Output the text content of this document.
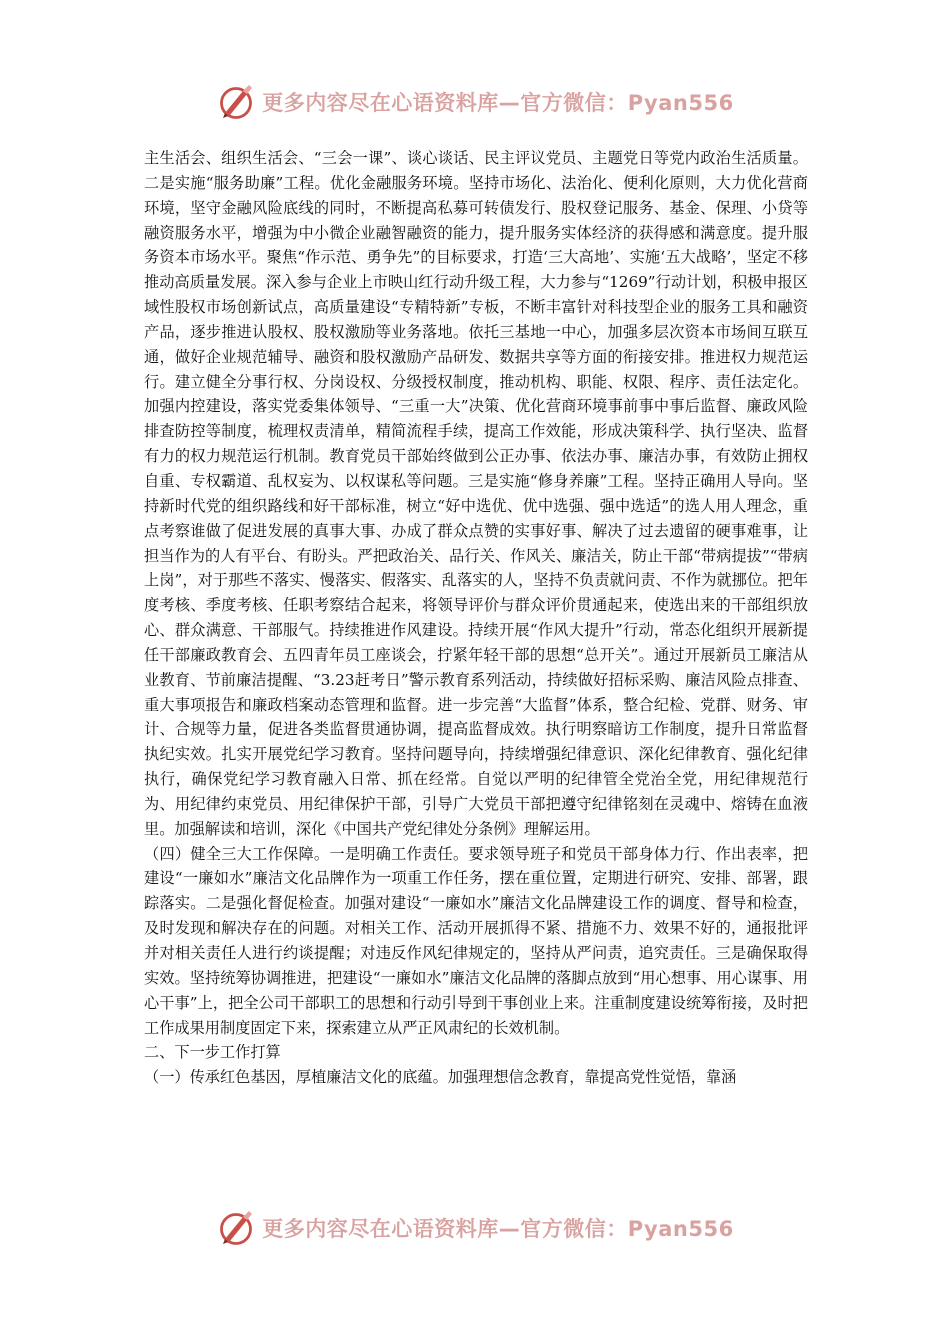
更多内容尽在心语资料库—官方微信：Pyan556

主生活会、组织生活会、“三会一课”、谈心谈话、民主评议党员、主题党日等党内政治生活质量。二是实施“服务助廉”工程。优化金融服务环境。坚持市场化、法治化、便利化原则，大力优化营商环境，坚守金融风险底线的同时，不断提高私募可转债发行、股权登记服务、基金、保理、小贷等融资服务水平，增强为中小微企业融智融资的能力，提升服务实体经济的获得感和满意度。提升服务资本市场水平。聚焦“作示范、勇争先”的目标要求，打造‘三大高地’、实施‘五大战略’，坚定不移推动高质量发展。深入参与企业上市映山红行动升级工程，大力参与“1269”行动计划，积极申报区域性股权市场创新试点，高质量建设“专精特新”专板，不断丰富针对科技型企业的服务工具和融资产品，逐步推进认股权、股权激励等业务落地。依托三基地一中心，加强多层次资本市场间互联互通，做好企业规范辅导、融资和股权激励产品研发、数据共享等方面的衔接安排。推进权力规范运行。建立健全分事行权、分岗设权、分级授权制度，推动机构、职能、权限、程序、责任法定化。加强内控建设，落实党委集体领导、“三重一大”决策、优化营商环境事前事中事后监督、廉政风险排查防控等制度，梳理权责清单，精简流程手续，提高工作效能，形成决策科学、执行坚决、监督有力的权力规范运行机制。教育党员干部始终做到公正办事、依法办事、廉洁办事，有效防止拥权自重、专权霸道、乱权妄为、以权谋私等问题。三是实施“修身养廉”工程。坚持正确用人导向。坚持新时代党的组织路线和好干部标准，树立“好中选优、优中选强、强中选适”的选人用人理念，重点考察谁做了促进发展的真事大事、办成了群众点赞的实事好事、解决了过去遗留的硬事难事，让担当作为的人有平台、有盼头。严把政治关、品行关、作风关、廉洁关，防止干部“带病提拔”“带病上岗”，对于那些不落实、慢落实、假落实、乱落实的人，坚持不负责就问责、不作为就挪位。把年度考核、季度考核、任职考察结合起来，将领导评价与群众评价贯通起来，使选出来的干部组织放心、群众满意、干部服气。持续推进作风建设。持续开展“作风大提升”行动，常态化组织开展新提任干部廉政教育会、五四青年员工座谈会，拧紧年轻干部的思想“总开关”。通过开展新员工廉洁从业教育、节前廉洁提醒、“3.23赶考日”警示教育系列活动，持续做好招标采购、廉洁风险点排查、重大事项报告和廉政档案动态管理和监督。进一步完善“大监督”体系，整合纪检、党群、财务、审计、合规等力量，促进各类监督贯通协调，提高监督成效。执行明察暗访工作制度，提升日常监督执纪实效。扎实开展党纪学习教育。坚持问题导向，持续增强纪律意识、深化纪律教育、强化纪律执行，确保党纪学习教育融入日常、抓在经常。自觉以严明的纪律管全党治全党，用纪律规范行为、用纪律约束党员、用纪律保护干部，引导广大党员干部把遵守纪律铭刻在灵魂中、熔铸在血液里。加强解读和培训，深化《中国共产党纪律处分条例》理解运用。

（四）健全三大工作保障。一是明确工作责任。要求领导班子和党员干部身体力行、作出表率，把建设“一廉如水”廉洁文化品牌作为一项重工作任务，摆在重位置，定期进行研究、安排、部署，跟踪落实。二是强化督促检查。加强对建设“一廉如水”廉洁文化品牌建设工作的调度、督导和检查，及时发现和解决存在的问题。对相关工作、活动开展抓得不紧、措施不力、效果不好的，通报批评并对相关责任人进行约谈提醒；对违反作风纪律规定的，坚持从严问责，追究责任。三是确保取得实效。坚持统筹协调推进，把建设“一廉如水”廉洁文化品牌的落脚点放到“用心想事、用心谋事、用心干事”上，把全公司干部职工的思想和行动引导到干事创业上来。注重制度建设统筹衔接，及时把工作成果用制度固定下来，探索建立从严正风肃纪的长效机制。

二、下一步工作打算

（一）传承红色基因，厚植廉洁文化的底蕴。加强理想信念教育，靠提高党性觉悟，靠涵

更多内容尽在心语资料库—官方微信：Pyan556
